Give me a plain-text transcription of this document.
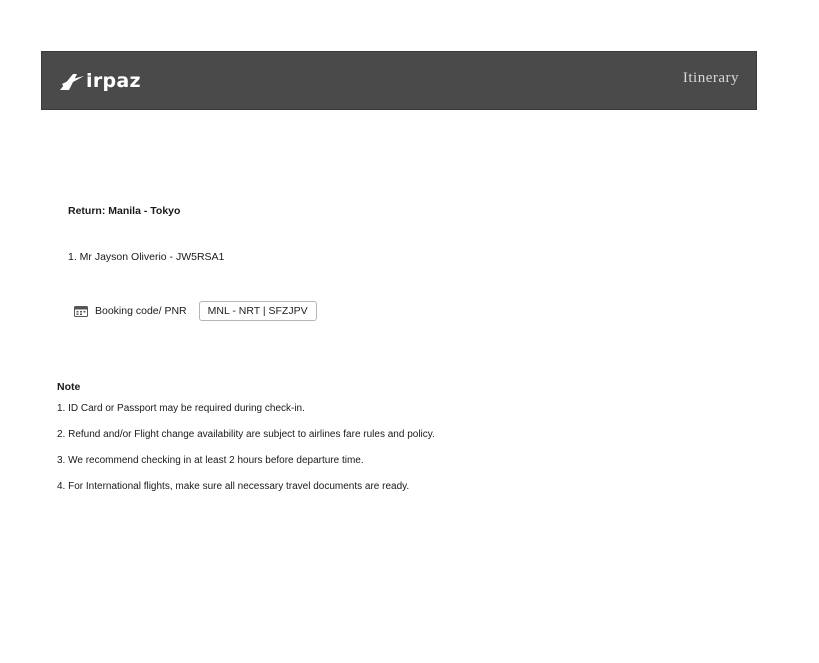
irpaz	Itinerary
Return: Manila - Tokyo
1. Mr Jayson Oliverio - JW5RSA1
Booking code/ PNR	MNL - NRT | SFZJPV
Note
1. ID Card or Passport may be required during check-in.
2. Refund and/or Flight change availability are subject to airlines fare rules and policy.
3. We recommend checking in at least 2 hours before departure time.
4. For International flights, make sure all necessary travel documents are ready.
